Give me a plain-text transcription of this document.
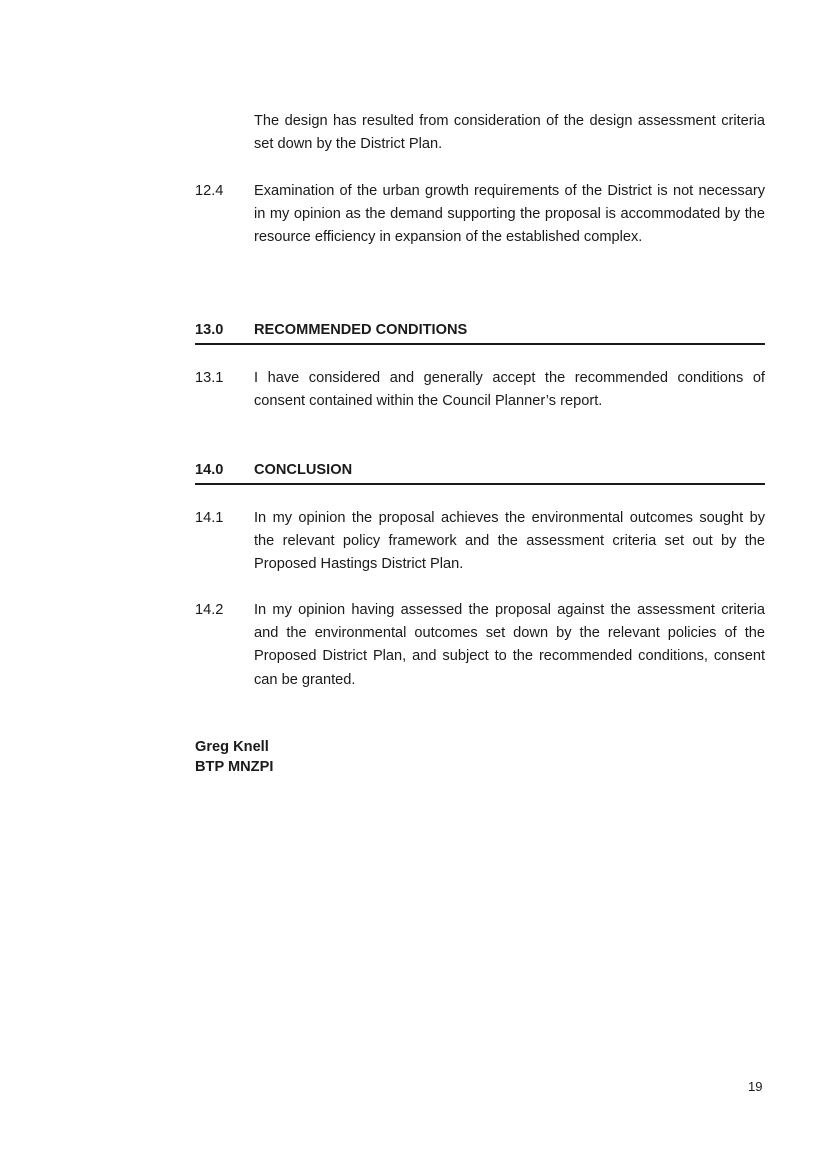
The design has resulted from consideration of the design assessment criteria set down by the District Plan.
12.4	Examination of the urban growth requirements of the District is not necessary in my opinion as the demand supporting the proposal is accommodated by the resource efficiency in expansion of the established complex.
13.0 RECOMMENDED CONDITIONS
13.1	I have considered and generally accept the recommended conditions of consent contained within the Council Planner’s report.
14.0 CONCLUSION
14.1	In my opinion the proposal achieves the environmental outcomes sought by the relevant policy framework and the assessment criteria set out by the Proposed Hastings District Plan.
14.2	In my opinion having assessed the proposal against the assessment criteria and the environmental outcomes set down by the relevant policies of the Proposed District Plan, and subject to the recommended conditions, consent can be granted.
Greg Knell
BTP MNZPI
19
